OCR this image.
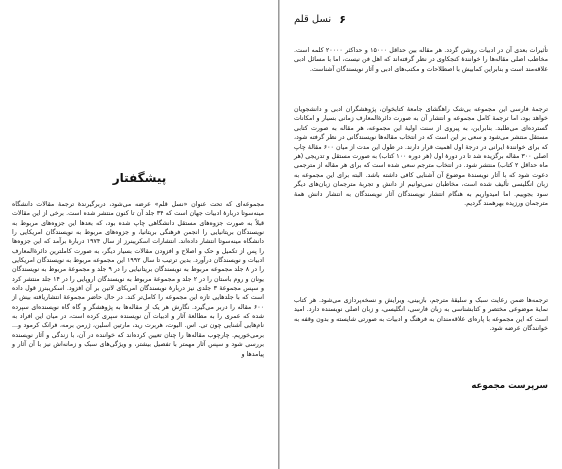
پیشگفتار

مجموعه‌ای که تحت عنوان «نسل قلم» عرضه می‌شود، دربرگیرندهٔ ترجمهٔ مقالات دانشگاه مینه‌سوتا دربارهٔ ادبیات جهان است که ۳۴ جلد آن تا کنون منتشر شده است. برخی از این مقالات قبلاً به صورت جزوه‌های مستقل دانشگاهی چاپ شده بود، که بعدها این جزوه‌های مربوط به نویسندگان بریتانیایی را انجمن فرهنگی بریتانیا، و جزوه‌های مربوط به نویسندگان امریکایی را دانشگاه مینه‌سوتا انتشار داده‌اند. انتشارات اسکریبنرز از سال ۱۹۷۴ دربارهٔ برآمد که این جزوه‌ها را پس از تکمیل و حک و اصلاح و افزودن مقالات بسیار دیگر، به صورت کاملترین دائرة‌المعارف ادبیات و نویسندگان درآورد. بدین ترتیب تا سال ۱۹۹۲ این مجموعه مربوط به نویسندگان امریکایی را در ۸ جلد مجموعه مربوط به نویسندگان بریتانیایی را در ۹ جلد و مجموعهٔ مربوط به نویسندگان یونان و روم باستان را در ۲ جلد و مجموعهٔ مربوط به نویسندگان اروپایی را در ۱۴ جلد منتشر کرد و سپس مجموعهٔ ۳ جلدی نیز دربارهٔ نویسندگان امریکای لاتین بر آن افزود. اسکریبنرز قول داده است که با جلدهایی تازه این مجموعه را کامل‌تر کند. در حال حاضر مجموعهٔ انتشاریافته بیش از ۶۰۰ مقاله را دربر می‌گیرد. نگارش هر یک از مقاله‌ها به پژوهشگر و گاه گاه نویسنده‌ای سپرده شده که عمری را به مطالعهٔ آثار و ادبیات آن نویسنده سپری کرده است، در میان این افراد به نام‌هایی آشنایی چون تی. اس. الیوت، هربرت رید، مارتین اسلین، ژرمن برمه، فرانک کرمود و... برمی‌خوریم. چارچوب مقاله‌ها را چنان تعیین کرده‌اند که خواننده در آن، با زندگی و آثار نویسنده بررسی شود و سپس آثار مهمتر با تفصیل بیشتر، و ویژگی‌های سبک و زمانه‌اش نیز با آن آثار و پیامدها و

۶
نسل قلم

تأثیرات بعدی آن در ادبیات روشن گردد. هر مقاله بین حداقل ۱۵۰۰۰ و حداکثر ۲۰۰۰۰ کلمه است. مخاطب اصلی مقاله‌ها را خوانندهٔ کنجکاوی در نظر گرفته‌اند که اهل فن نیست، اما با مسائل ادبی علاقه‌مند است و بنابراین کمابیش با اصطلاحات و مکتب‌های ادبی و آثار نویسندگان آشناست.

ترجمهٔ فارسی این مجموعه بی‌شک راهگشای جامعهٔ کتابخوان، پژوهشگران ادبی و دانشجویان خواهد بود، اما ترجمهٔ کامل مجموعه و انتشار آن به صورت دائرة‌المعارف زمانی بسیار و امکانات گسترده‌ای می‌طلبد. بنابراین، به پیروی از سنت اولیهٔ این مجموعه، هر مقاله به صورت کتابی مستقل منتشر می‌شود و سعی بر این است که در انتخاب مقاله‌ها نویسندگانی در نظر گرفته شود، که برای خوانندهٔ ایرانی در درجهٔ اول اهمیت قرار دارند. در طول این مدت از میان ۶۰۰ مقالهٔ چاپ اصلی ۳۰۰ مقاله برگزیده شد تا در دورهٔ اول (هر دوره ۱۰۰ کتاب) به صورت مستقل و تدریجی (هر ماه حداقل ۲ کتاب) منتشر شود. در انتخاب مترجم سعی شده است که برای هر مقاله از مترجمی دعوت شود که با آثار نویسندهٔ موضوع آن آشنایی کافی داشته باشد. البته برای این مجموعه به زبان انگلیسی تألیف شده است، مخاطبان نمی‌توانیم از دانش و تجربهٔ مترجمان زبان‌های دیگر سود بجوییم. اما امیدواریم به هنگام انتشار نویسندگان آثار نویسندگان به انتشار دانش همهٔ مترجمان ورزیده بهرهمند گردیم.

ترجمه‌ها ضمن رعایت سبک و سلیقهٔ مترجم، بازبینی، ویرایش و نسخه‌پردازی می‌شود. هر کتاب نمایهٔ موضوعی مختصر و کتابشناسی به زبان فارسی، انگلیسی، و زبان اصلی نویسنده دارد. امید است که این مجموعه با پاره‌ای علاقه‌مندان به فرهنگ و ادبیات به صورتی شایسته و بدون وقفه به خوانندگان عرضه شود.

سرپرست مجموعه
